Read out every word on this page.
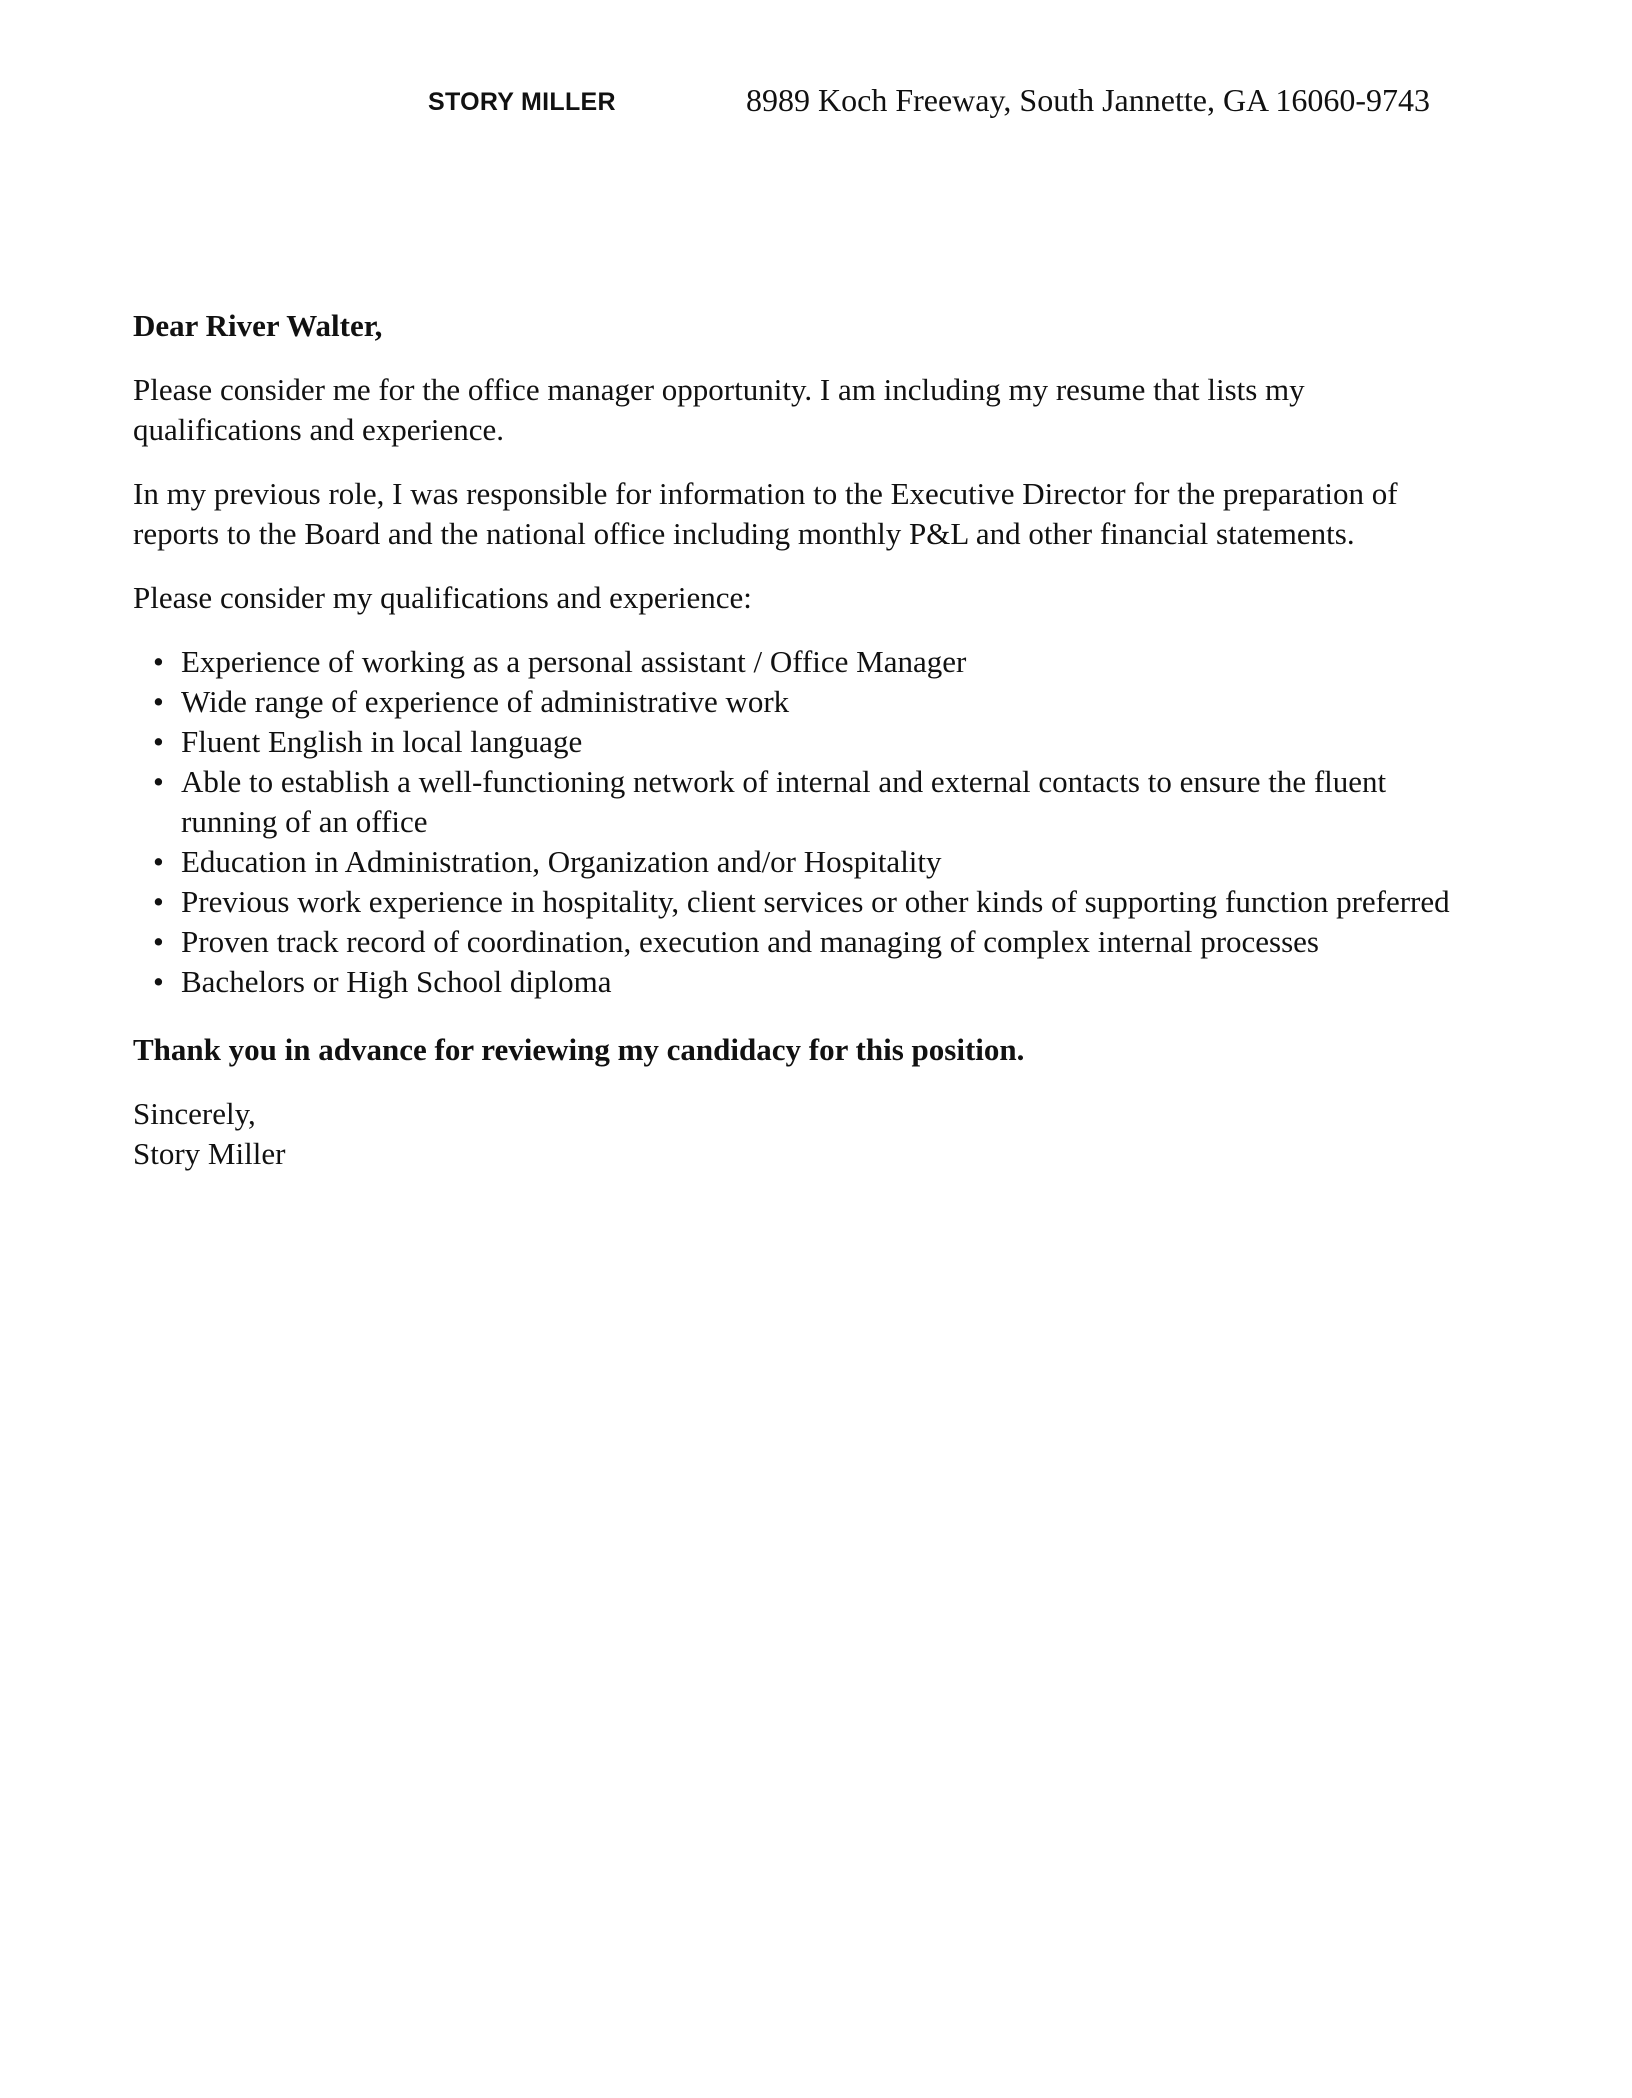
STORY MILLER	8989 Koch Freeway, South Jannette, GA 16060-9743

Dear River Walter,

Please consider me for the office manager opportunity. I am including my resume that lists my qualifications and experience.

In my previous role, I was responsible for information to the Executive Director for the preparation of reports to the Board and the national office including monthly P&L and other financial statements.

Please consider my qualifications and experience:

• Experience of working as a personal assistant / Office Manager
• Wide range of experience of administrative work
• Fluent English in local language
• Able to establish a well-functioning network of internal and external contacts to ensure the fluent running of an office
• Education in Administration, Organization and/or Hospitality
• Previous work experience in hospitality, client services or other kinds of supporting function preferred
• Proven track record of coordination, execution and managing of complex internal processes
• Bachelors or High School diploma

Thank you in advance for reviewing my candidacy for this position.

Sincerely,

Story Miller
